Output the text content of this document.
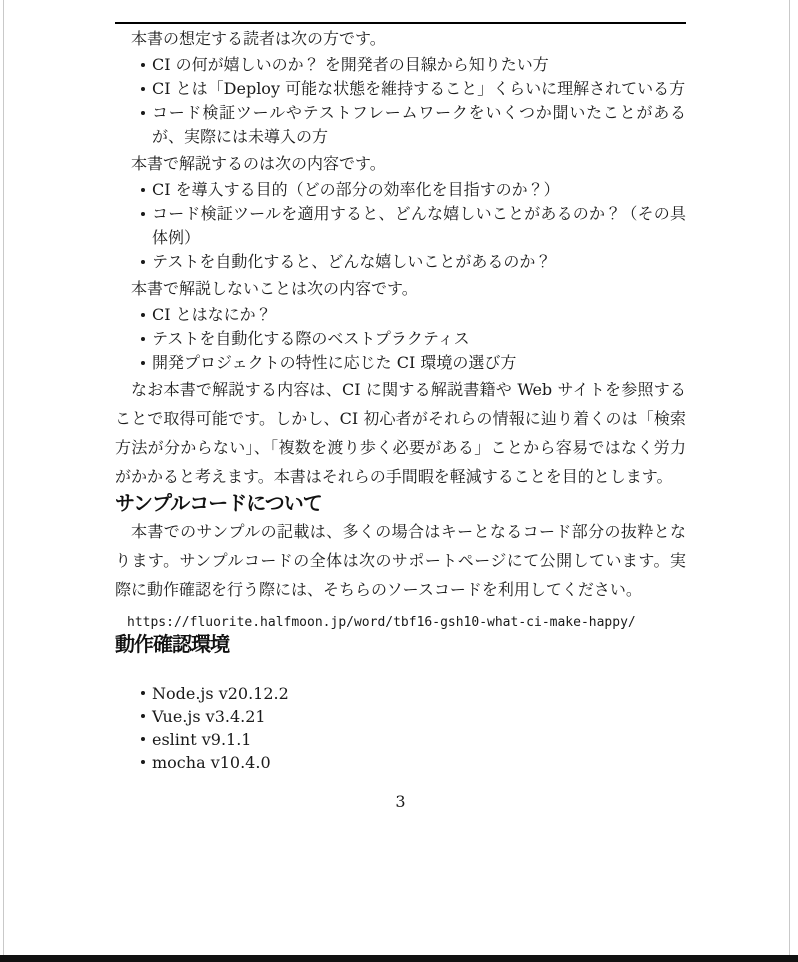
本書の想定する読者は次の方です。

CI の何が嬉しいのか？ を開発者の目線から知りたい方
CI とは「Deploy 可能な状態を維持すること」くらいに理解されている方
コード検証ツールやテストフレームワークをいくつか聞いたことがあるが、実際には未導入の方

本書で解説するのは次の内容です。

CI を導入する目的（どの部分の効率化を目指すのか？）
コード検証ツールを適用すると、どんな嬉しいことがあるのか？（その具体例）
テストを自動化すると、どんな嬉しいことがあるのか？

本書で解説しないことは次の内容です。

CI とはなにか？
テストを自動化する際のベストプラクティス
開発プロジェクトの特性に応じた CI 環境の選び方

なお本書で解説する内容は、CI に関する解説書籍や Web サイトを参照することで取得可能です。しかし、CI 初心者がそれらの情報に辿り着くのは「検索方法が分からない」、「複数を渡り歩く必要がある」ことから容易ではなく労力がかかると考えます。本書はそれらの手間暇を軽減することを目的とします。

サンプルコードについて

本書でのサンプルの記載は、多くの場合はキーとなるコード部分の抜粋となります。サンプルコードの全体は次のサポートページにて公開しています。実際に動作確認を行う際には、そちらのソースコードを利用してください。

https://fluorite.halfmoon.jp/word/tbf16-gsh10-what-ci-make-happy/
動作確認環境
Node.js v20.12.2
Vue.js v3.4.21
eslint v9.1.1
mocha v10.4.0
3
